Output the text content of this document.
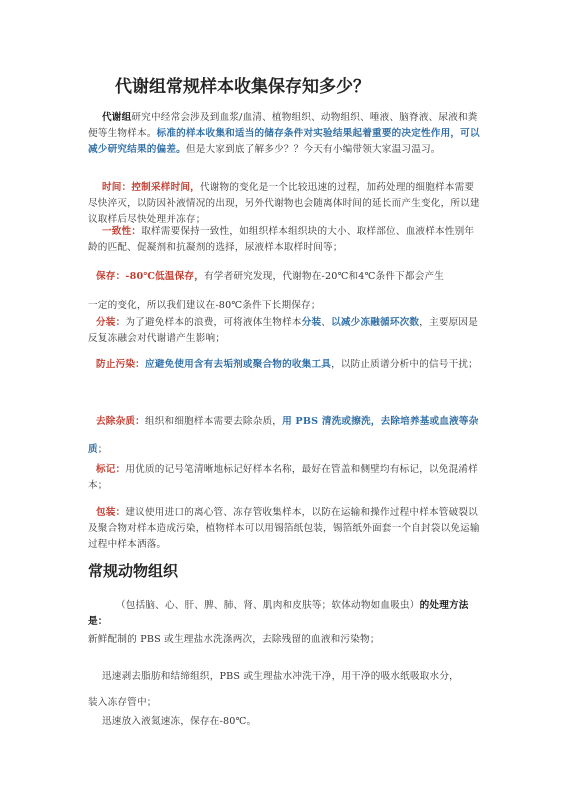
代谢组常规样本收集保存知多少？
代谢组研究中经常会涉及到血浆/血清、植物组织、动物组织、唾液、脑脊液、尿液和粪便等生物样本。标准的样本收集和适当的储存条件对实验结果起着重要的决定性作用，可以减少研究结果的偏差。但是大家到底了解多少？？今天有小编带领大家温习温习。
时间：控制采样时间，代谢物的变化是一个比较迅速的过程，加药处理的细胞样本需要尽快淬灭，以防因补液情况的出现，另外代谢物也会随离体时间的延长而产生变化，所以建议取样后尽快处理并冻存；
一致性：取样需要保持一致性，如组织样本组织块的大小、取样部位、血液样本性别年龄的匹配、促凝剂和抗凝剂的选择，尿液样本取样时间等；
保存：-80℃低温保存，有学者研究发现，代谢物在-20℃和4℃条件下都会产生
一定的变化，所以我们建议在-80℃条件下长期保存；
分装：为了避免样本的浪费，可将液体生物样本分装、以减少冻融循环次数，主要原因是反复冻融会对代谢谱产生影响；
防止污染：应避免使用含有去垢剂或聚合物的收集工具，以防止质谱分析中的信号干扰；
去除杂质：组织和细胞样本需要去除杂质，用 PBS 清洗或擦洗，去除培养基或血液等杂质；
标记：用优质的记号笔清晰地标记好样本名称，最好在管盖和侧壁均有标记，以免混淆样本；
包装：建议使用进口的离心管、冻存管收集样本，以防在运输和操作过程中样本管破裂以及聚合物对样本造成污染，植物样本可以用锡箔纸包装，锡箔纸外面套一个自封袋以免运输过程中样本洒落。
常规动物组织
（包括脑、心、肝、脾、肺、肾、肌肉和皮肤等；软体动物如血吸虫）的处理方法是：
新鲜配制的 PBS 或生理盐水洗涤两次，去除残留的血液和污染物；
迅速剥去脂肪和结缔组织，PBS 或生理盐水冲洗干净，用干净的吸水纸吸取水分，
装入冻存管中；
迅速放入液氮速冻，保存在-80℃。
